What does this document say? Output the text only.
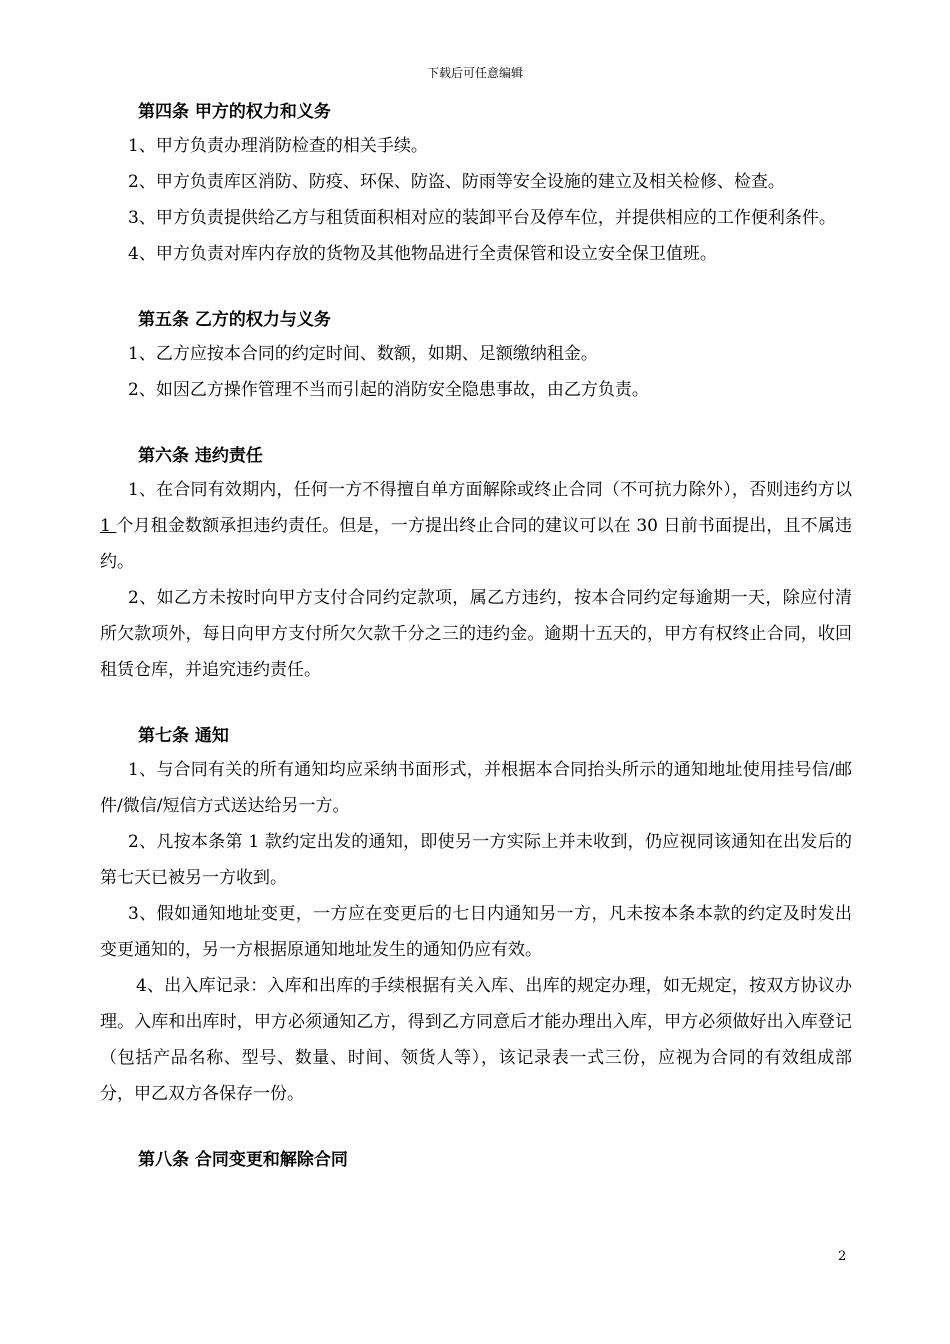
下载后可任意编辑

第四条 甲方的权力和义务

1、甲方负责办理消防检查的相关手续。

2、甲方负责库区消防、防疫、环保、防盗、防雨等安全设施的建立及相关检修、检查。

3、甲方负责提供给乙方与租赁面积相对应的装卸平台及停车位，并提供相应的工作便利条件。

4、甲方负责对库内存放的货物及其他物品进行全责保管和设立安全保卫值班。

第五条 乙方的权力与义务

1、乙方应按本合同的约定时间、数额，如期、足额缴纳租金。

2、如因乙方操作管理不当而引起的消防安全隐患事故，由乙方负责。

第六条 违约责任

1、在合同有效期内，任何一方不得擅自单方面解除或终止合同（不可抗力除外），否则违约方以 1 个月租金数额承担违约责任。但是，一方提出终止合同的建议可以在 30 日前书面提出，且不属违约。

2、如乙方未按时向甲方支付合同约定款项，属乙方违约，按本合同约定每逾期一天，除应付清所欠款项外，每日向甲方支付所欠欠款千分之三的违约金。逾期十五天的，甲方有权终止合同，收回租赁仓库，并追究违约责任。

第七条 通知

1、与合同有关的所有通知均应采纳书面形式，并根据本合同抬头所示的通知地址使用挂号信/邮件/微信/短信方式送达给另一方。

2、凡按本条第 1 款约定出发的通知，即使另一方实际上并未收到，仍应视同该通知在出发后的第七天已被另一方收到。

3、假如通知地址变更，一方应在变更后的七日内通知另一方，凡未按本条本款的约定及时发出变更通知的，另一方根据原通知地址发生的通知仍应有效。

4、出入库记录：入库和出库的手续根据有关入库、出库的规定办理，如无规定，按双方协议办理。入库和出库时，甲方必须通知乙方，得到乙方同意后才能办理出入库，甲方必须做好出入库登记（包括产品名称、型号、数量、时间、领货人等），该记录表一式三份，应视为合同的有效组成部分，甲乙双方各保存一份。

第八条 合同变更和解除合同

2
